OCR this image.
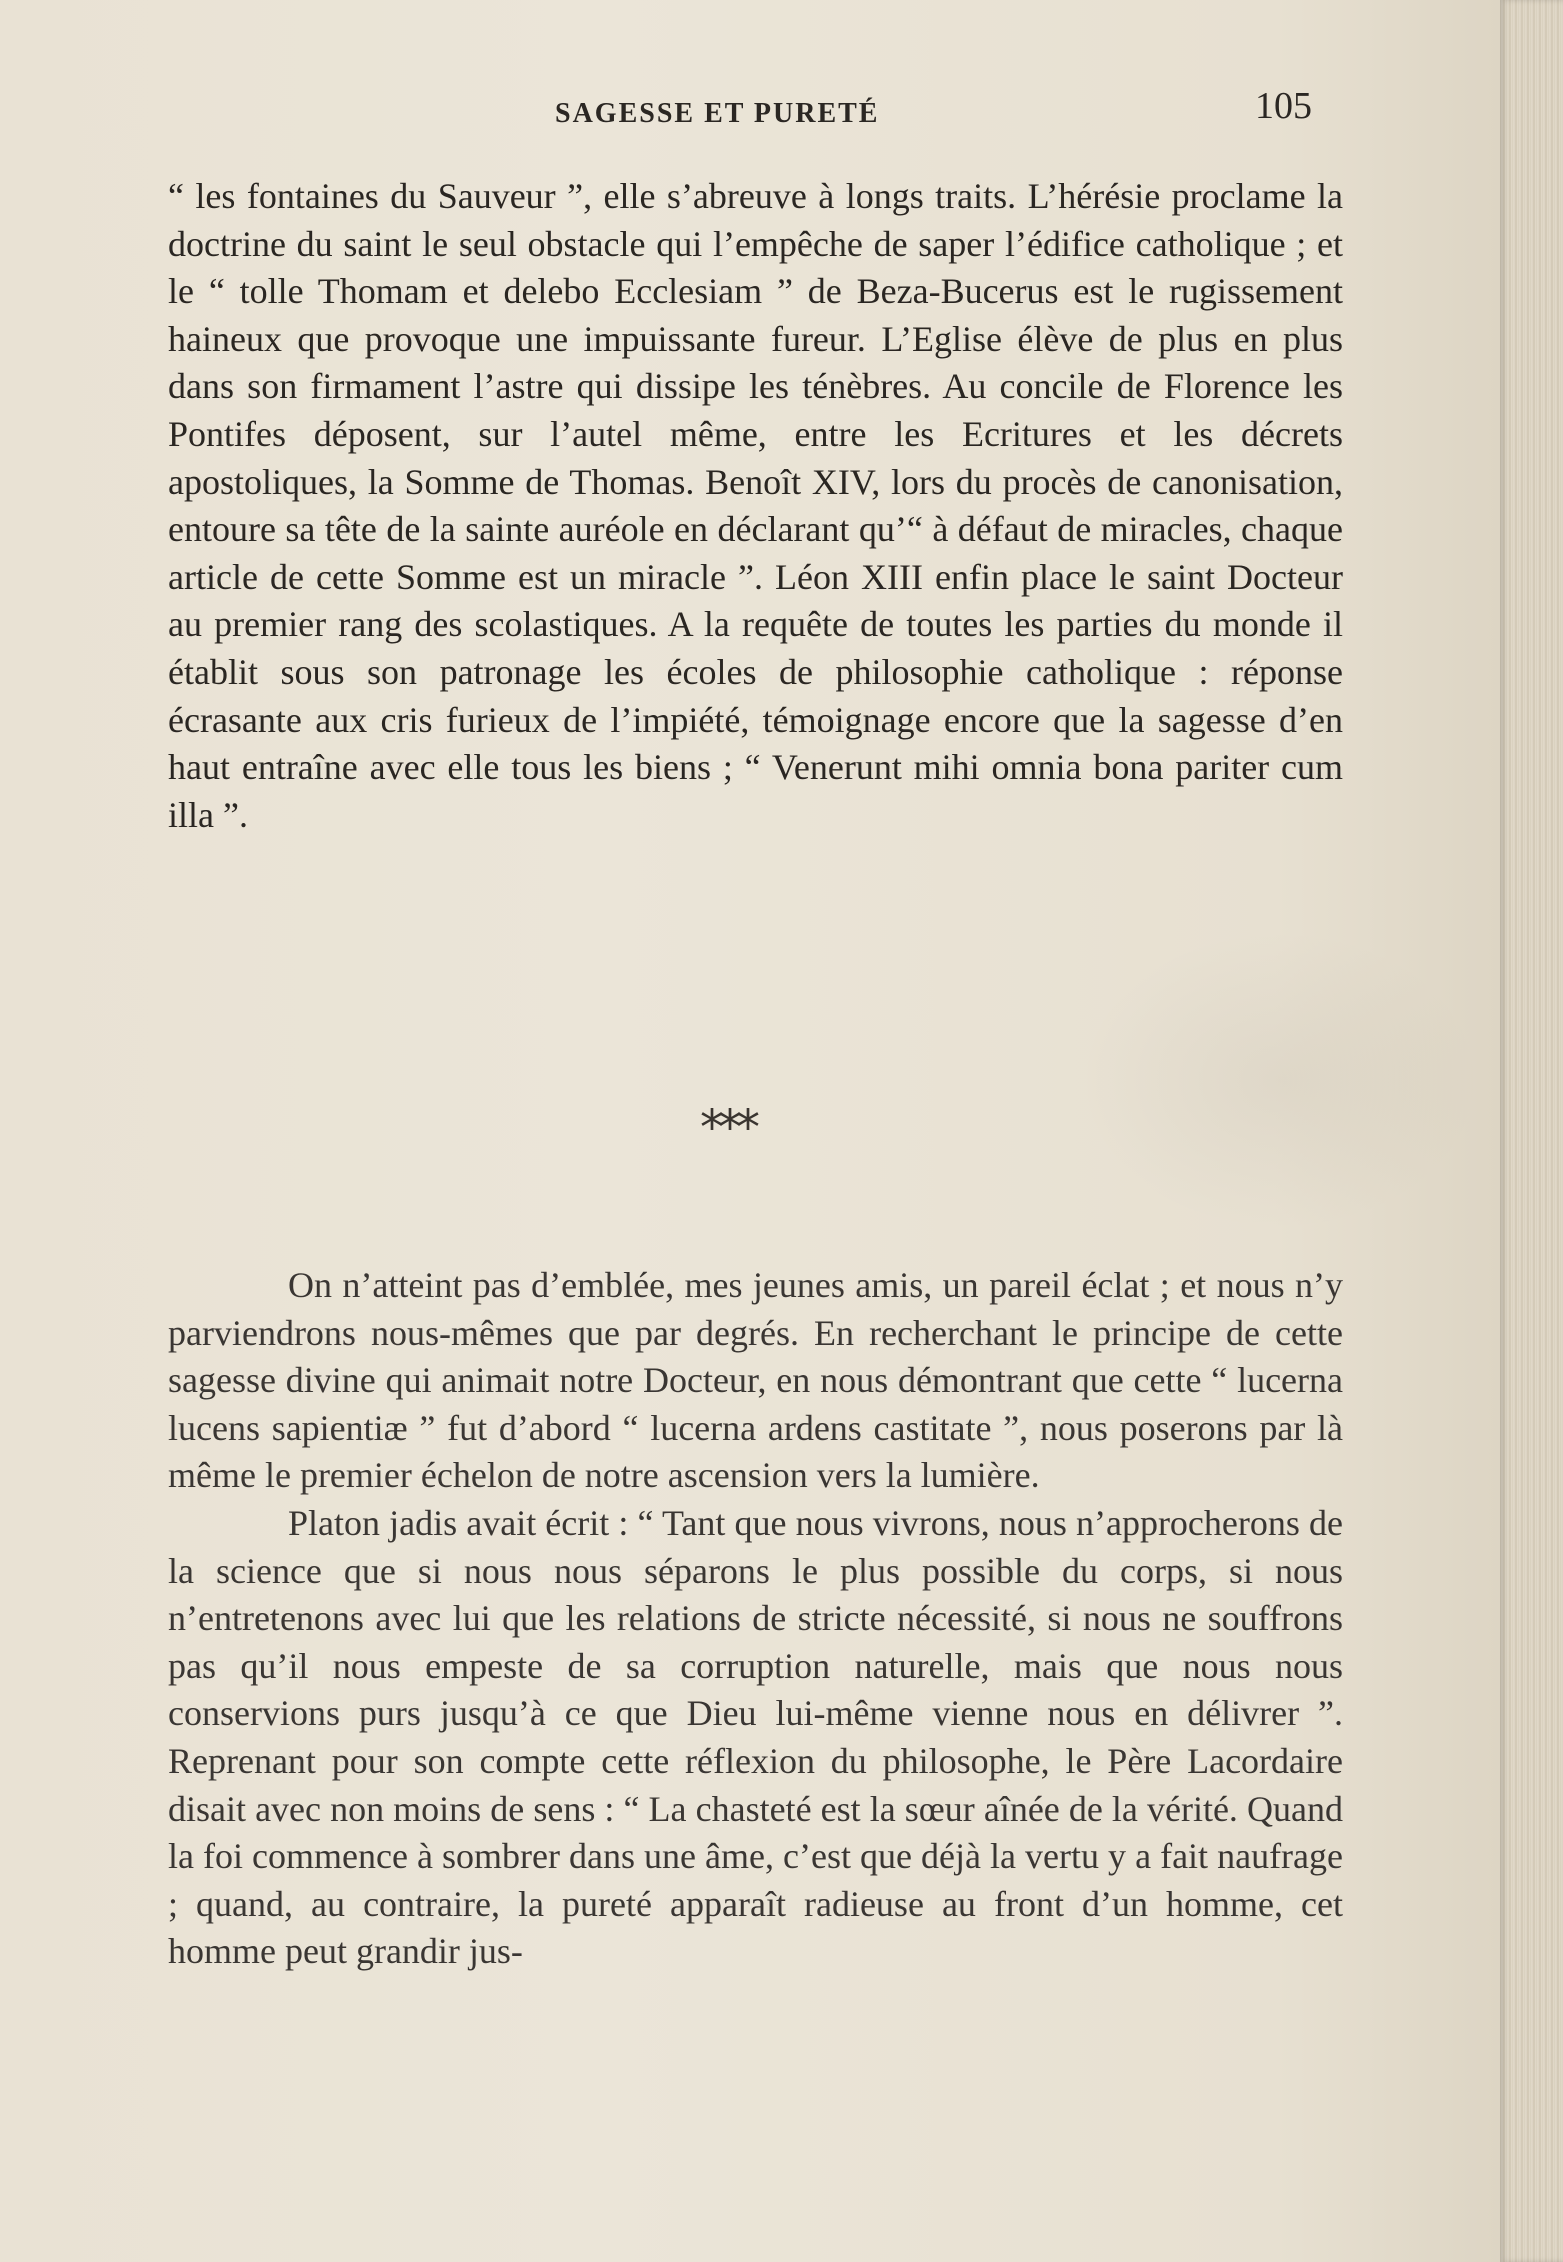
SAGESSE ET PURETÉ	105

“ les fontaines du Sauveur ”, elle s’abreuve à longs traits. L’hérésie proclame la doctrine du saint le seul obstacle qui l’empêche de saper l’édifice catholique ; et le “ tolle Thomam et delebo Ecclesiam ” de Beza-Bucerus est le rugissement haineux que provoque une impuissante fureur. L’Eglise élève de plus en plus dans son firmament l’astre qui dissipe les ténèbres. Au concile de Florence les Pontifes déposent, sur l’autel même, entre les Ecritures et les décrets apostoliques, la Somme de Thomas. Benoît XIV, lors du procès de canonisation, entoure sa tête de la sainte auréole en déclarant qu’“ à défaut de miracles, chaque article de cette Somme est un miracle ”. Léon XIII enfin place le saint Docteur au premier rang des scolastiques. A la requête de toutes les parties du monde il établit sous son patronage les écoles de philosophie catholique : réponse écrasante aux cris furieux de l’impiété, témoignage encore que la sagesse d’en haut entraîne avec elle tous les biens ; “ Venerunt mihi omnia bona pariter cum illa ”.

***

On n’atteint pas d’emblée, mes jeunes amis, un pareil éclat ; et nous n’y parviendrons nous-mêmes que par degrés. En recherchant le principe de cette sagesse divine qui animait notre Docteur, en nous démontrant que cette “ lucerna lucens sapientiæ ” fut d’abord “ lucerna ardens castitate ”, nous poserons par là même le premier échelon de notre ascension vers la lumière.

Platon jadis avait écrit : “ Tant que nous vivrons, nous n’approcherons de la science que si nous nous séparons le plus possible du corps, si nous n’entretenons avec lui que les relations de stricte nécessité, si nous ne souffrons pas qu’il nous empeste de sa corruption naturelle, mais que nous nous conservions purs jusqu’à ce que Dieu lui-même vienne nous en délivrer ”. Reprenant pour son compte cette réflexion du philosophe, le Père Lacordaire disait avec non moins de sens : “ La chasteté est la sœur aînée de la vérité. Quand la foi commence à sombrer dans une âme, c’est que déjà la vertu y a fait naufrage ; quand, au contraire, la pureté apparaît radieuse au front d’un homme, cet homme peut grandir jus-
